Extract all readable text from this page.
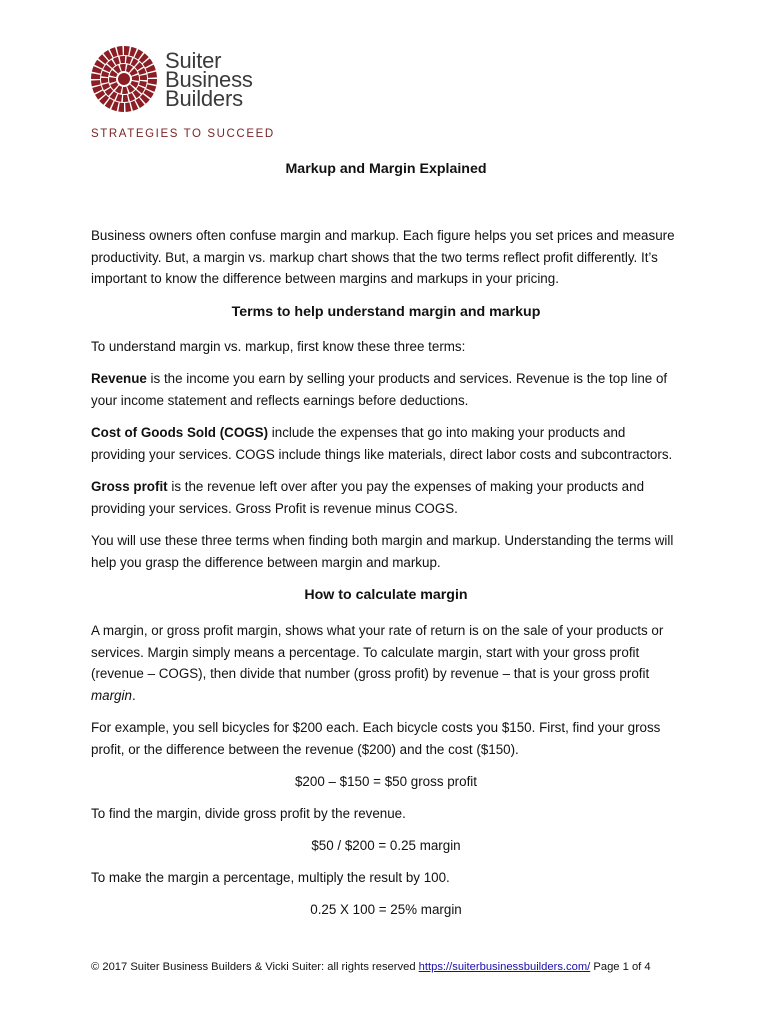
Suiter
Business
Builders
STRATEGIES TO SUCCEED
Markup and Margin Explained

Business owners often confuse margin and markup. Each figure helps you set prices and measure productivity. But, a margin vs. markup chart shows that the two terms reflect profit differently. It’s important to know the difference between margins and markups in your pricing.

Terms to help understand margin and markup

To understand margin vs. markup, first know these three terms:

Revenue is the income you earn by selling your products and services. Revenue is the top line of your income statement and reflects earnings before deductions.

Cost of Goods Sold (COGS) include the expenses that go into making your products and providing your services. COGS include things like materials, direct labor costs and subcontractors.

Gross profit is the revenue left over after you pay the expenses of making your products and providing your services. Gross Profit is revenue minus COGS.

You will use these three terms when finding both margin and markup. Understanding the terms will help you grasp the difference between margin and markup.

How to calculate margin

A margin, or gross profit margin, shows what your rate of return is on the sale of your products or services. Margin simply means a percentage. To calculate margin, start with your gross profit (revenue – COGS), then divide that number (gross profit) by revenue – that is your gross profit margin.

For example, you sell bicycles for $200 each. Each bicycle costs you $150. First, find your gross profit, or the difference between the revenue ($200) and the cost ($150).

$200 – $150 = $50 gross profit

To find the margin, divide gross profit by the revenue.

$50 / $200 = 0.25 margin

To make the margin a percentage, multiply the result by 100.

0.25 X 100 = 25% margin
© 2017 Suiter Business Builders & Vicki Suiter: all rights reserved https://suiterbusinessbuilders.com/ Page 1 of 4
